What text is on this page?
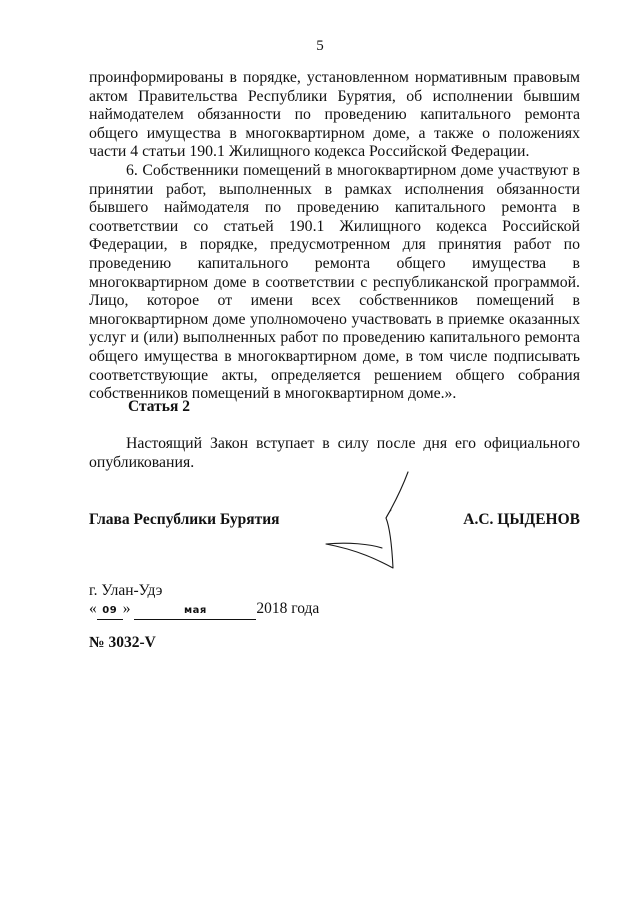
5

проинформированы в порядке, установленном нормативным правовым актом Правительства Республики Бурятия, об исполнении бывшим наймодателем обязанности по проведению капитального ремонта общего имущества в многоквартирном доме, а также о положениях части 4 статьи 190.1 Жилищного кодекса Российской Федерации.

6. Собственники помещений в многоквартирном доме участвуют в принятии работ, выполненных в рамках исполнения обязанности бывшего наймодателя по проведению капитального ремонта в соответствии со статьей 190.1 Жилищного кодекса Российской Федерации, в порядке, предусмотренном для принятия работ по проведению капитального ремонта общего имущества в многоквартирном доме в соответствии с республиканской программой. Лицо, которое от имени всех собственников помещений в многоквартирном доме уполномочено участвовать в приемке оказанных услуг и (или) выполненных работ по проведению капитального ремонта общего имущества в многоквартирном доме, в том числе подписывать соответствующие акты, определяется решением общего собрания собственников помещений в многоквартирном доме.».

Статья 2

Настоящий Закон вступает в силу после дня его официального опубликования.

Глава Республики Бурятия	А.С. ЦЫДЕНОВ
г. Улан-Удэ
« 09 »	мая	2018 года
№ 3032-V
